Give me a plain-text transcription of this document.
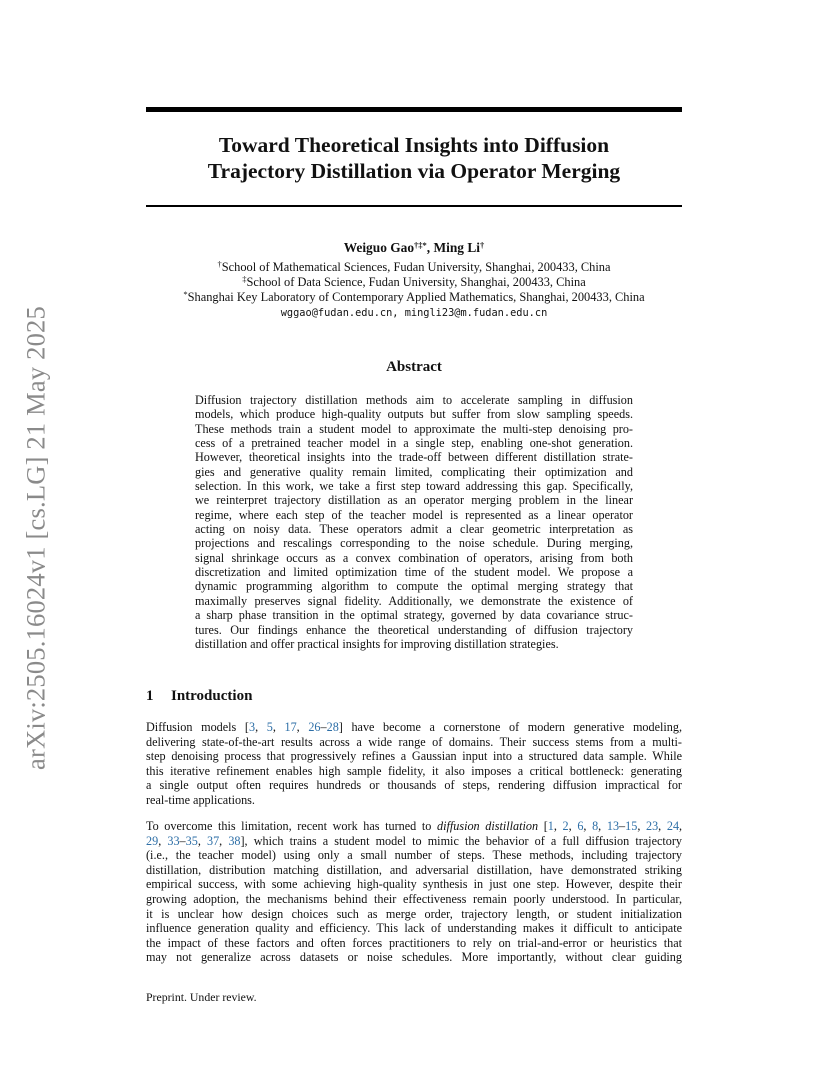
arXiv:2505.16024v1 [cs.LG] 21 May 2025
Toward Theoretical Insights into Diffusion
Trajectory Distillation via Operator Merging
Weiguo Gao†‡*, Ming Li†
†School of Mathematical Sciences, Fudan University, Shanghai, 200433, China
‡School of Data Science, Fudan University, Shanghai, 200433, China
*Shanghai Key Laboratory of Contemporary Applied Mathematics, Shanghai, 200433, China
wggao@fudan.edu.cn, mingli23@m.fudan.edu.cn
Abstract
Diffusion trajectory distillation methods aim to accelerate sampling in diffusion
models, which produce high-quality outputs but suffer from slow sampling speeds.
These methods train a student model to approximate the multi-step denoising pro-
cess of a pretrained teacher model in a single step, enabling one-shot generation.
However, theoretical insights into the trade-off between different distillation strate-
gies and generative quality remain limited, complicating their optimization and
selection. In this work, we take a first step toward addressing this gap. Specifically,
we reinterpret trajectory distillation as an operator merging problem in the linear
regime, where each step of the teacher model is represented as a linear operator
acting on noisy data. These operators admit a clear geometric interpretation as
projections and rescalings corresponding to the noise schedule. During merging,
signal shrinkage occurs as a convex combination of operators, arising from both
discretization and limited optimization time of the student model. We propose a
dynamic programming algorithm to compute the optimal merging strategy that
maximally preserves signal fidelity. Additionally, we demonstrate the existence of
a sharp phase transition in the optimal strategy, governed by data covariance struc-
tures. Our findings enhance the theoretical understanding of diffusion trajectory
distillation and offer practical insights for improving distillation strategies.
1 Introduction
Diffusion models [3, 5, 17, 26–28] have become a cornerstone of modern generative modeling,
delivering state-of-the-art results across a wide range of domains. Their success stems from a multi-
step denoising process that progressively refines a Gaussian input into a structured data sample. While
this iterative refinement enables high sample fidelity, it also imposes a critical bottleneck: generating
a single output often requires hundreds or thousands of steps, rendering diffusion impractical for
real-time applications.
To overcome this limitation, recent work has turned to diffusion distillation [1, 2, 6, 8, 13–15, 23, 24,
29, 33–35, 37, 38], which trains a student model to mimic the behavior of a full diffusion trajectory
(i.e., the teacher model) using only a small number of steps. These methods, including trajectory
distillation, distribution matching distillation, and adversarial distillation, have demonstrated striking
empirical success, with some achieving high-quality synthesis in just one step. However, despite their
growing adoption, the mechanisms behind their effectiveness remain poorly understood. In particular,
it is unclear how design choices such as merge order, trajectory length, or student initialization
influence generation quality and efficiency. This lack of understanding makes it difficult to anticipate
the impact of these factors and often forces practitioners to rely on trial-and-error or heuristics that
may not generalize across datasets or noise schedules. More importantly, without clear guiding
Preprint. Under review.
